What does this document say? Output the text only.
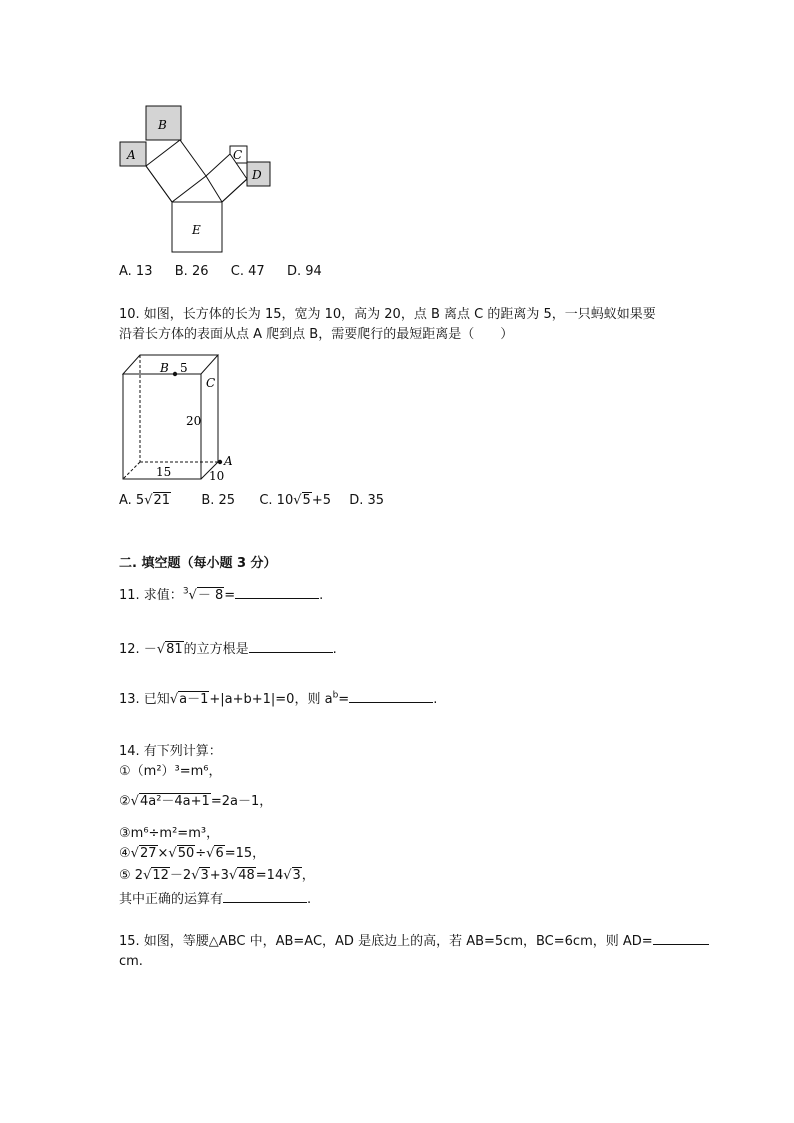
B
A	C
D
E
A. 13 B. 26 C. 47 D. 94
10. 如图，长方体的长为 15，宽为 10，高为 20，点 B 离点 C 的距离为 5，一只蚂蚁如果要
沿着长方体的表面从点 A 爬到点 B，需要爬行的最短距离是（　　）
B 5
C
20
A
15	10
A. 5√21 B. 25 C. 10√5+5 D. 35
二. 填空题（每小题 3 分）
11. 求值：$^3$√－ 8=	.
12. －√81的立方根是	.
13. 已知√a－1+|a+b+1|=0，则 $a^b=$	.
14. 有下列计算：
①（m²）³=m⁶，
②√4a²－4a+1=2a－1，
③m⁶÷m²=m³，
④√27×√50÷√6=15，
⑤ 2√12－2√3+3√48=14√3，
其中正确的运算有	.
15. 如图，等腰△ABC 中，AB=AC，AD 是底边上的高，若 AB=5cm，BC=6cm，则 AD=
cm.
